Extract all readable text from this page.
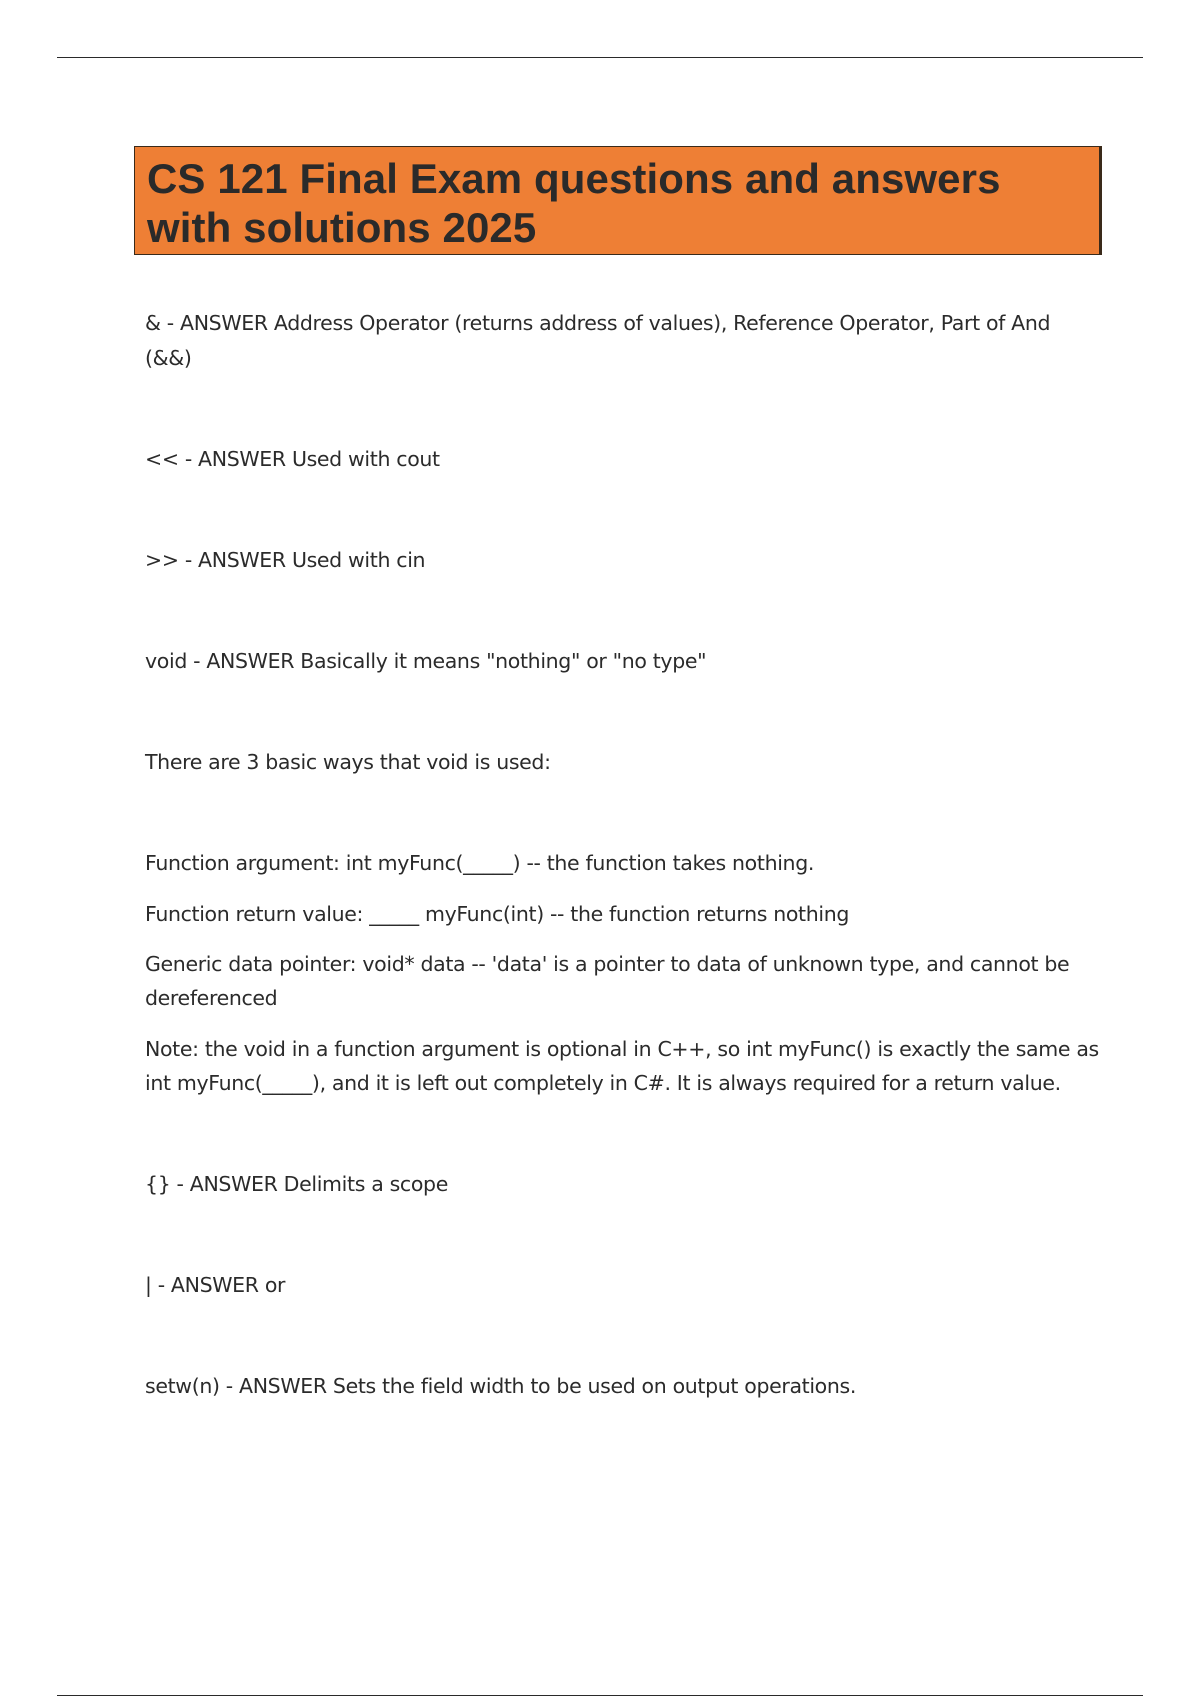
CS 121 Final Exam questions and answers
with solutions 2025
& - ANSWER Address Operator (returns address of values), Reference Operator, Part of And
(&&)
<< - ANSWER Used with cout
>> - ANSWER Used with cin
void - ANSWER Basically it means "nothing" or "no type"
There are 3 basic ways that void is used:
Function argument: int myFunc(_____) -- the function takes nothing.
Function return value: _____ myFunc(int) -- the function returns nothing
Generic data pointer: void* data -- 'data' is a pointer to data of unknown type, and cannot be
dereferenced
Note: the void in a function argument is optional in C++, so int myFunc() is exactly the same as
int myFunc(_____), and it is left out completely in C#. It is always required for a return value.
{} - ANSWER Delimits a scope
| - ANSWER or
setw(n) - ANSWER Sets the field width to be used on output operations.
